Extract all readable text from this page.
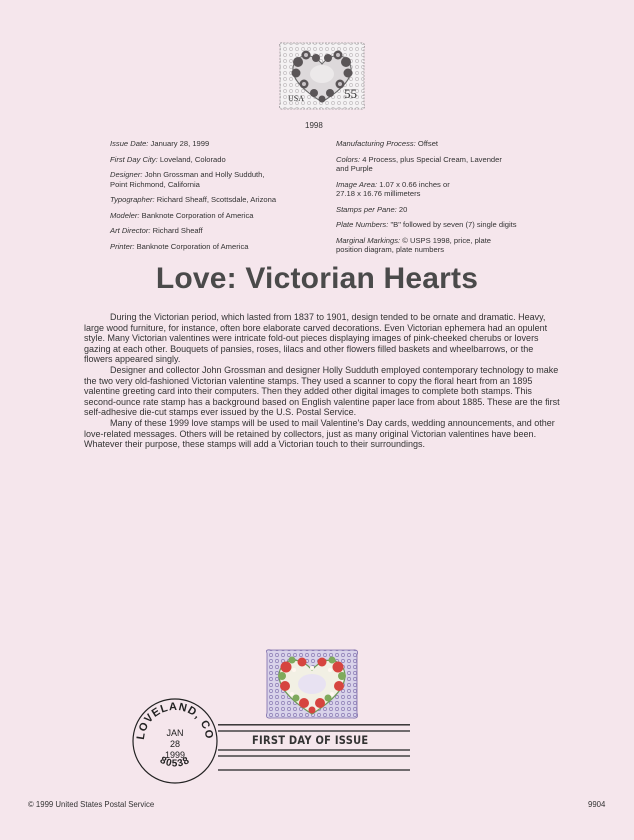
USA	55
1998
Issue Date: January 28, 1999
First Day City: Loveland, Colorado
Designer: John Grossman and Holly Sudduth,
Point Richmond, California
Typographer: Richard Sheaff, Scottsdale, Arizona
Modeler: Banknote Corporation of America
Art Director: Richard Sheaff
Printer: Banknote Corporation of America
Manufacturing Process: Offset
Colors: 4 Process, plus Special Cream, Lavender
and Purple
Image Area: 1.07 x 0.66 inches or
27.18 x 16.76 millimeters
Stamps per Pane: 20
Plate Numbers: "B" followed by seven (7) single digits
Marginal Markings: © USPS 1998, price, plate
position diagram, plate numbers
Love: Victorian Hearts

During the Victorian period, which lasted from 1837 to 1901, design tended to be ornate and dramatic. Heavy, large wood furniture, for instance, often bore elaborate carved decorations. Even Victorian ephemera had an opulent style. Many Victorian valentines were intricate fold-out pieces displaying images of pink-cheeked cherubs or lovers gazing at each other. Bouquets of pansies, roses, lilacs and other flowers filled baskets and wheelbarrows, or the flowers appeared singly.

Designer and collector John Grossman and designer Holly Sudduth employed contemporary technology to make the two very old-fashioned Victorian valentine stamps. They used a scanner to copy the floral heart from an 1895 valentine greeting card into their computers. Then they added other digital images to complete both stamps. This second-ounce rate stamp has a background based on English valentine paper lace from about 1885. These are the first self-adhesive die-cut stamps ever issued by the U.S. Postal Service.

Many of these 1999 love stamps will be used to mail Valentine's Day cards, wedding announcements, and other love-related messages. Others will be retained by collectors, just as many original Victorian valentines have been. Whatever their purpose, these stamps will add a Victorian touch to their surroundings.

LOVELAND, CO
JAN
28
1999
80538
FIRST DAY OF ISSUE
© 1999 United States Postal Service	9904
